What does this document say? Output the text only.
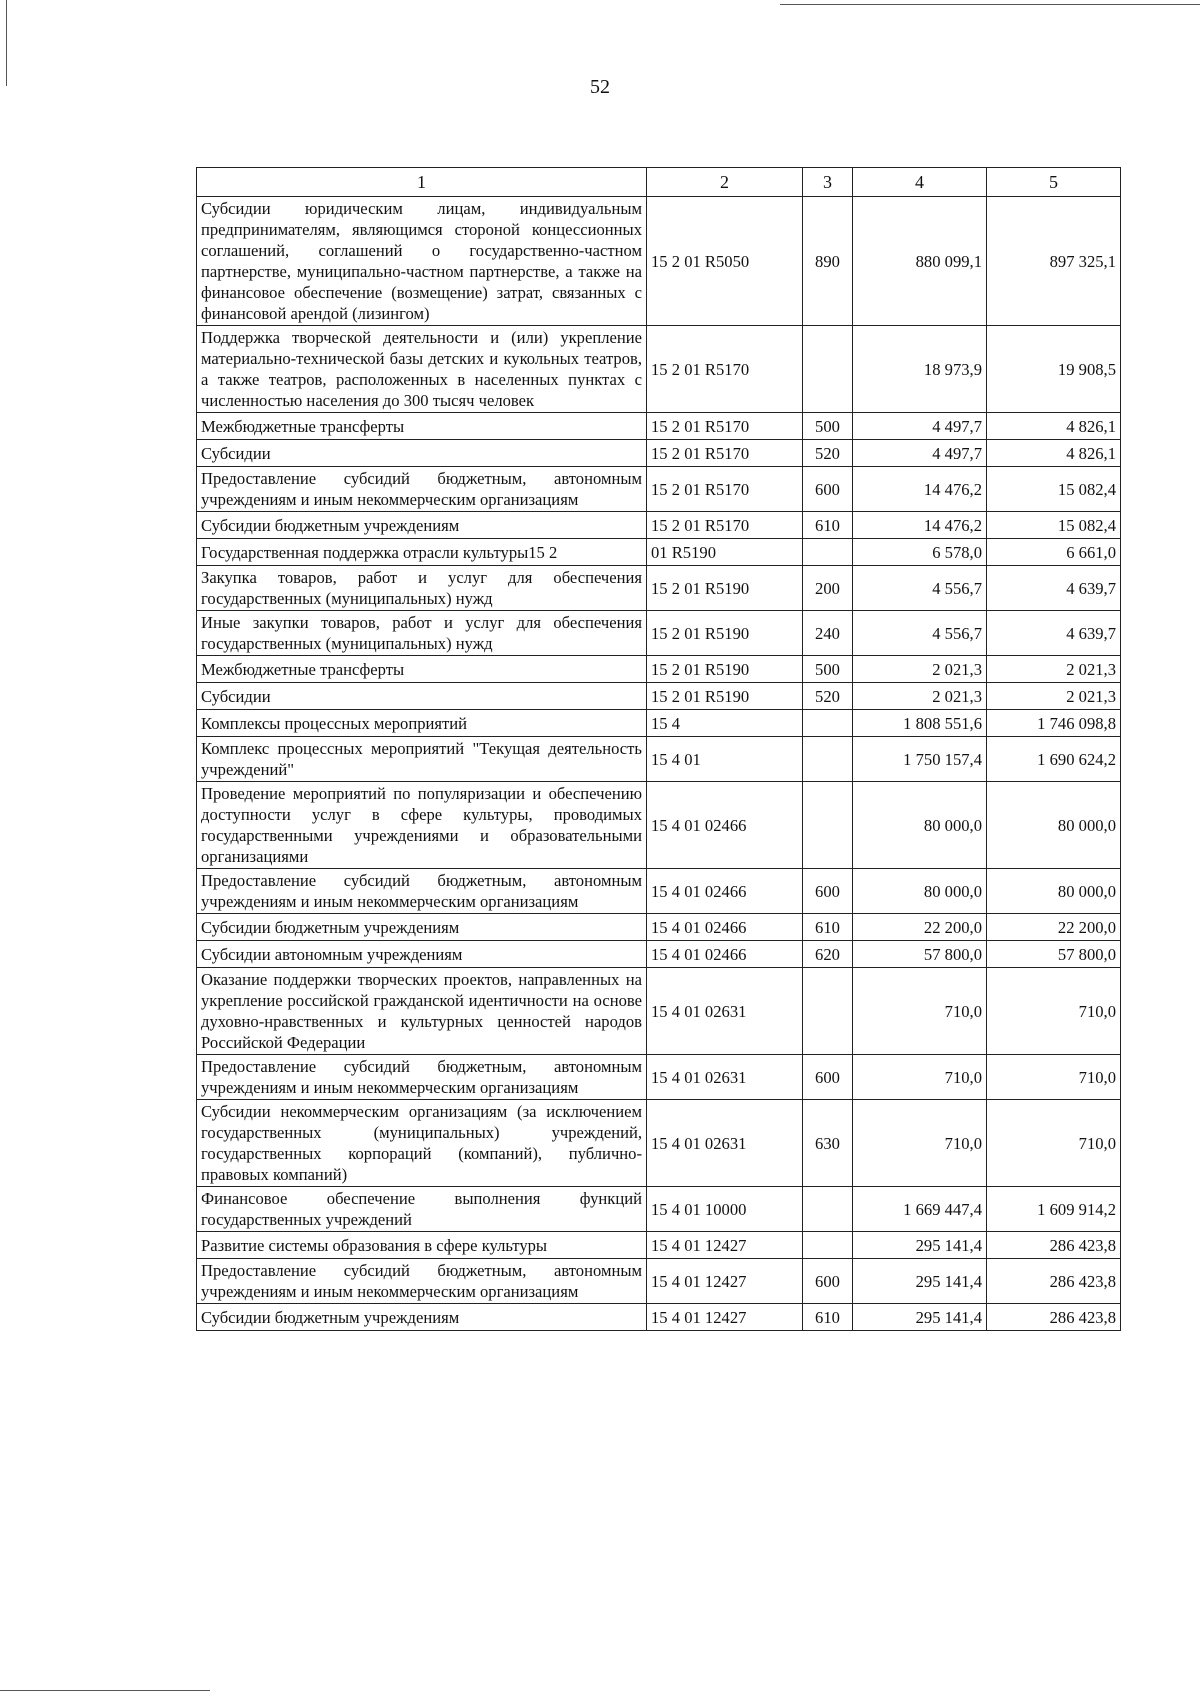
52
1	2	3	4	5
Субсидии юридическим лицам, индивидуальным предпринимателям, являющимся стороной концессионных соглашений, соглашений о государственно-частном партнерстве, муниципально-частном партнерстве, а также на финансовое обеспечение (возмещение) затрат, связанных с финансовой арендой (лизингом)	15 2 01 R5050	890	880 099,1	897 325,1
Поддержка творческой деятельности и (или) укрепление материально-технической базы детских и кукольных театров, а также театров, расположенных в населенных пунктах с численностью населения до 300 тысяч человек	15 2 01 R5170		18 973,9	19 908,5
Межбюджетные трансферты	15 2 01 R5170	500	4 497,7	4 826,1
Субсидии	15 2 01 R5170	520	4 497,7	4 826,1
Предоставление субсидий бюджетным, автономным учреждениям и иным некоммерческим организациям	15 2 01 R5170	600	14 476,2	15 082,4
Субсидии бюджетным учреждениям	15 2 01 R5170	610	14 476,2	15 082,4
Государственная поддержка отрасли культуры15 2	01 R5190		6 578,0	6 661,0
Закупка товаров, работ и услуг для обеспечения государственных (муниципальных) нужд	15 2 01 R5190	200	4 556,7	4 639,7
Иные закупки товаров, работ и услуг для обеспечения государственных (муниципальных) нужд	15 2 01 R5190	240	4 556,7	4 639,7
Межбюджетные трансферты	15 2 01 R5190	500	2 021,3	2 021,3
Субсидии	15 2 01 R5190	520	2 021,3	2 021,3
Комплексы процессных мероприятий	15 4		1 808 551,6	1 746 098,8
Комплекс процессных мероприятий "Текущая деятельность учреждений"	15 4 01		1 750 157,4	1 690 624,2
Проведение мероприятий по популяризации и обеспечению доступности услуг в сфере культуры, проводимых государственными учреждениями и образовательными организациями	15 4 01 02466		80 000,0	80 000,0
Предоставление субсидий бюджетным, автономным учреждениям и иным некоммерческим организациям	15 4 01 02466	600	80 000,0	80 000,0
Субсидии бюджетным учреждениям	15 4 01 02466	610	22 200,0	22 200,0
Субсидии автономным учреждениям	15 4 01 02466	620	57 800,0	57 800,0
Оказание поддержки творческих проектов, направленных на укрепление российской гражданской идентичности на основе духовно-нравственных и культурных ценностей народов Российской Федерации	15 4 01 02631		710,0	710,0
Предоставление субсидий бюджетным, автономным учреждениям и иным некоммерческим организациям	15 4 01 02631	600	710,0	710,0
Субсидии некоммерческим организациям (за исключением государственных (муниципальных) учреждений, государственных корпораций (компаний), публично-правовых компаний)	15 4 01 02631	630	710,0	710,0
Финансовое обеспечение выполнения функций государственных учреждений	15 4 01 10000		1 669 447,4	1 609 914,2
Развитие системы образования в сфере культуры	15 4 01 12427		295 141,4	286 423,8
Предоставление субсидий бюджетным, автономным учреждениям и иным некоммерческим организациям	15 4 01 12427	600	295 141,4	286 423,8
Субсидии бюджетным учреждениям	15 4 01 12427	610	295 141,4	286 423,8
